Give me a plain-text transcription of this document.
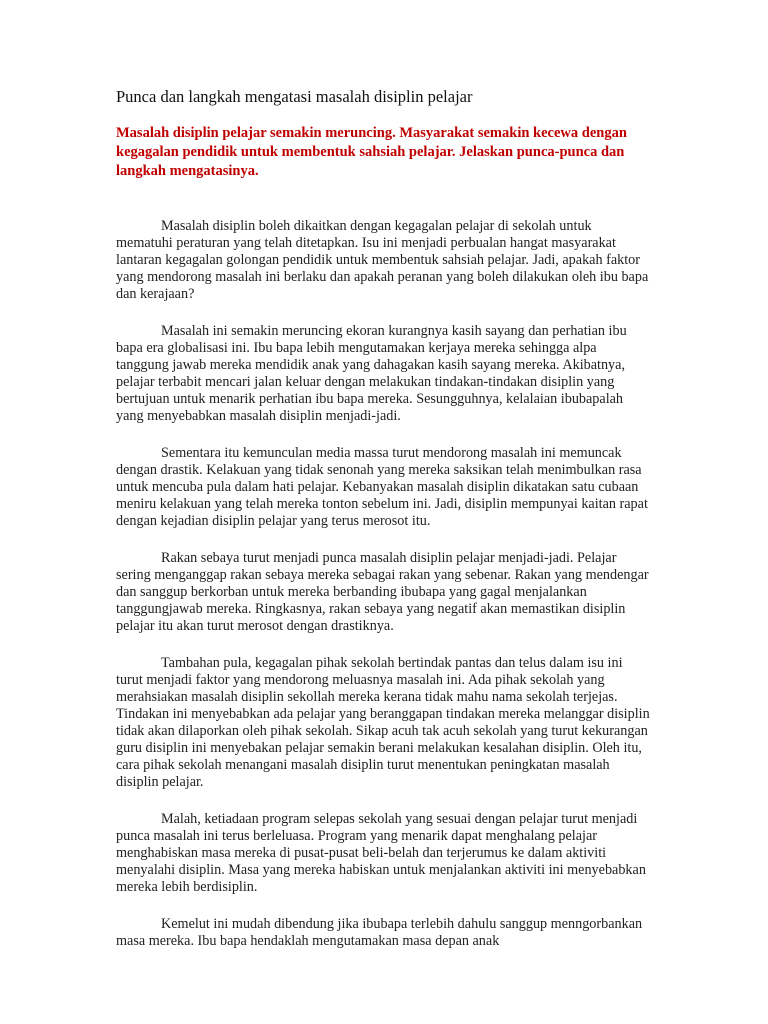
Punca dan langkah mengatasi masalah disiplin pelajar

Masalah disiplin pelajar semakin meruncing. Masyarakat semakin kecewa dengan kegagalan pendidik untuk membentuk sahsiah pelajar. Jelaskan punca-punca dan langkah mengatasinya.

Masalah disiplin boleh dikaitkan dengan kegagalan pelajar di sekolah untuk mematuhi peraturan yang telah ditetapkan. Isu ini menjadi perbualan hangat masyarakat lantaran kegagalan golongan pendidik untuk membentuk sahsiah pelajar. Jadi, apakah faktor yang mendorong masalah ini berlaku dan apakah peranan yang boleh dilakukan oleh ibu bapa dan kerajaan?

Masalah ini semakin meruncing ekoran kurangnya kasih sayang dan perhatian ibu bapa era globalisasi ini. Ibu bapa lebih mengutamakan kerjaya mereka sehingga alpa tanggung jawab mereka mendidik anak yang dahagakan kasih sayang mereka. Akibatnya, pelajar terbabit mencari jalan keluar dengan melakukan tindakan-tindakan disiplin yang bertujuan untuk menarik perhatian ibu bapa mereka. Sesungguhnya, kelalaian ibubapalah yang menyebabkan masalah disiplin menjadi-jadi.

Sementara itu kemunculan media massa turut mendorong masalah ini memuncak dengan drastik. Kelakuan yang tidak senonah yang mereka saksikan telah menimbulkan rasa untuk mencuba pula dalam hati pelajar. Kebanyakan masalah disiplin dikatakan satu cubaan meniru kelakuan yang telah mereka tonton sebelum ini. Jadi, disiplin mempunyai kaitan rapat dengan kejadian disiplin pelajar yang terus merosot itu.

Rakan sebaya turut menjadi punca masalah disiplin pelajar menjadi-jadi. Pelajar sering menganggap rakan sebaya mereka sebagai rakan yang sebenar. Rakan yang mendengar dan sanggup berkorban untuk mereka berbanding ibubapa yang gagal menjalankan tanggungjawab mereka. Ringkasnya, rakan sebaya yang negatif akan memastikan disiplin pelajar itu akan turut merosot dengan drastiknya.

Tambahan pula, kegagalan pihak sekolah bertindak pantas dan telus dalam isu ini turut menjadi faktor yang mendorong meluasnya masalah ini. Ada pihak sekolah yang merahsiakan masalah disiplin sekollah mereka kerana tidak mahu nama sekolah terjejas. Tindakan ini menyebabkan ada pelajar yang beranggapan tindakan mereka melanggar disiplin tidak akan dilaporkan oleh pihak sekolah. Sikap acuh tak acuh sekolah yang turut kekurangan guru disiplin ini menyebakan pelajar semakin berani melakukan kesalahan disiplin. Oleh itu, cara pihak sekolah menangani masalah disiplin turut menentukan peningkatan masalah disiplin pelajar.

Malah, ketiadaan program selepas sekolah yang sesuai dengan pelajar turut menjadi punca masalah ini terus berleluasa. Program yang menarik dapat menghalang pelajar menghabiskan masa mereka di pusat-pusat beli-belah dan terjerumus ke dalam aktiviti menyalahi disiplin. Masa yang mereka habiskan untuk menjalankan aktiviti ini menyebabkan mereka lebih berdisiplin.

Kemelut ini mudah dibendung jika ibubapa terlebih dahulu sanggup menngorbankan masa mereka. Ibu bapa hendaklah mengutamakan masa depan anak
